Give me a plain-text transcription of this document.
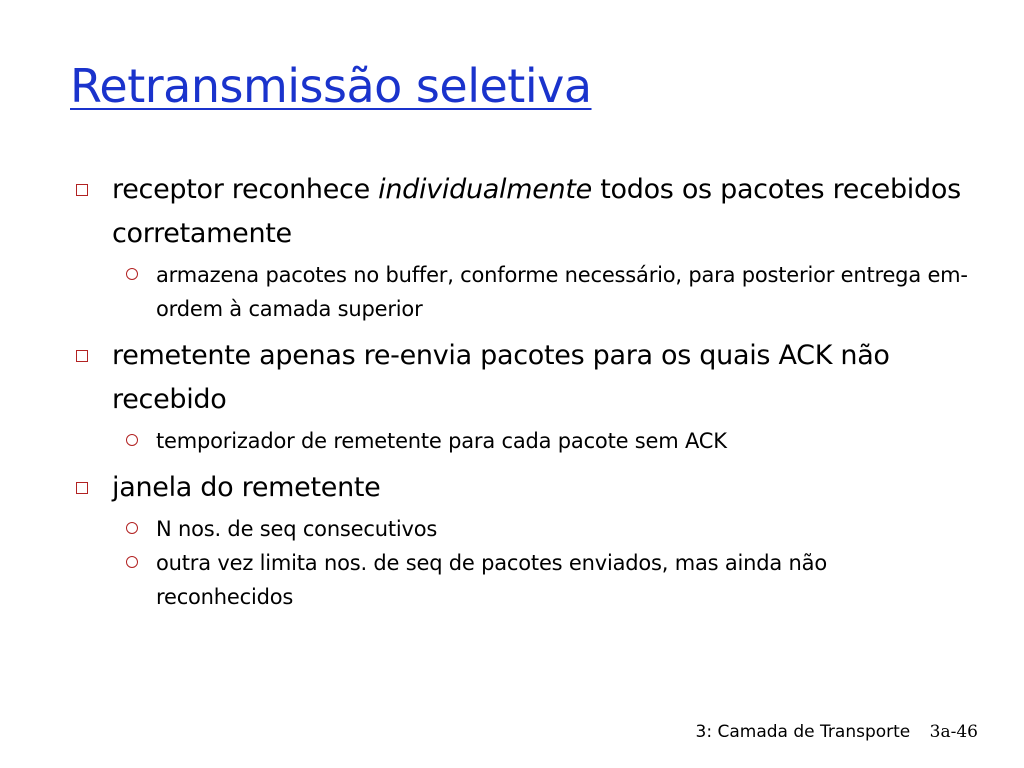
Retransmissão seletiva
receptor reconhece individualmente todos os pacotes recebidos corretamente
armazena pacotes no buffer, conforme necessário, para posterior entrega em-ordem à camada superior
remetente apenas re-envia pacotes para os quais ACK não recebido
temporizador de remetente para cada pacote sem ACK
janela do remetente
N nos. de seq consecutivos
outra vez limita nos. de seq de pacotes enviados, mas ainda não reconhecidos
3: Camada de Transporte 3a-46
